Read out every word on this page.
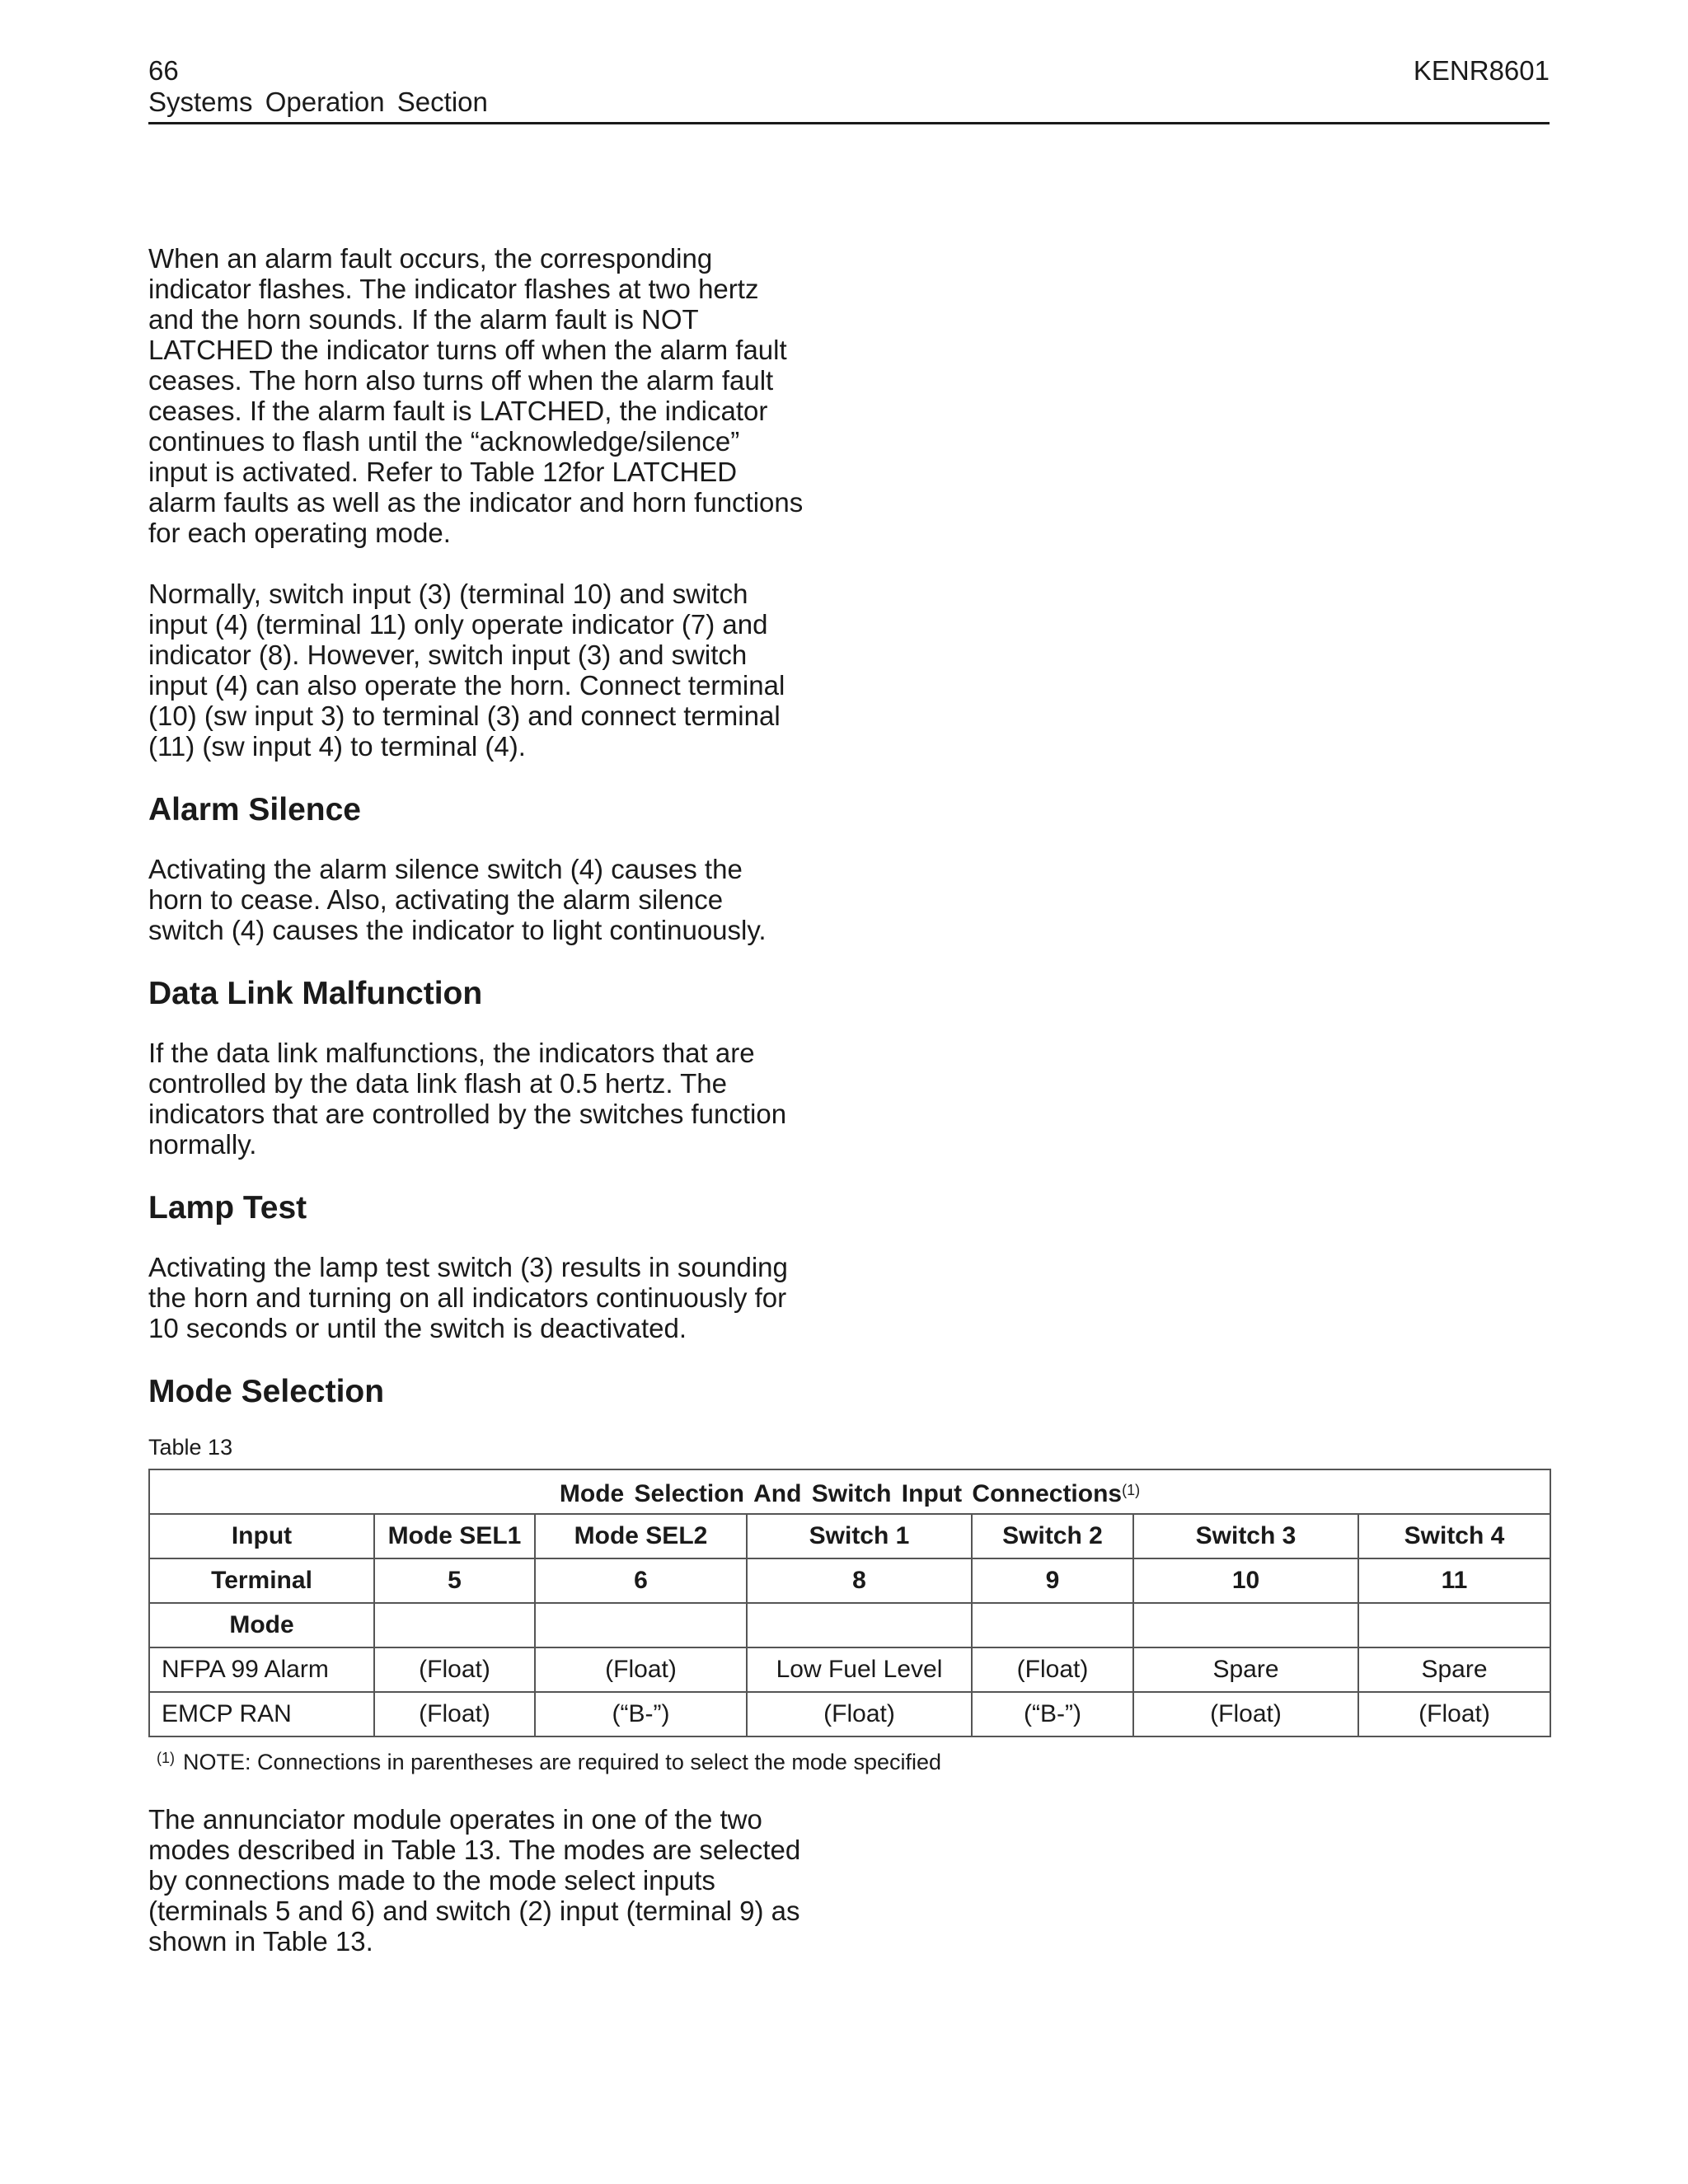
66
Systems Operation Section
KENR8601

When an alarm fault occurs, the corresponding indicator flashes. The indicator flashes at two hertz and the horn sounds. If the alarm fault is NOT LATCHED the indicator turns off when the alarm fault ceases. The horn also turns off when the alarm fault ceases. If the alarm fault is LATCHED, the indicator continues to flash until the “acknowledge/silence” input is activated. Refer to Table 12for LATCHED alarm faults as well as the indicator and horn functions for each operating mode.

Normally, switch input (3) (terminal 10) and switch input (4) (terminal 11) only operate indicator (7) and indicator (8). However, switch input (3) and switch input (4) can also operate the horn. Connect terminal (10) (sw input 3) to terminal (3) and connect terminal (11) (sw input 4) to terminal (4).

Alarm Silence

Activating the alarm silence switch (4) causes the horn to cease. Also, activating the alarm silence switch (4) causes the indicator to light continuously.

Data Link Malfunction

If the data link malfunctions, the indicators that are controlled by the data link flash at 0.5 hertz. The indicators that are controlled by the switches function normally.

Lamp Test

Activating the lamp test switch (3) results in sounding the horn and turning on all indicators continuously for 10 seconds or until the switch is deactivated.

Mode Selection
Table 13
Mode Selection And Switch Input Connections$^{(1)}$
Input	Mode SEL1	Mode SEL2	Switch 1	Switch 2	Switch 3	Switch 4
Terminal	5	6	8	9	10	11
Mode						
NFPA 99 Alarm	(Float)	(Float)	Low Fuel Level	(Float)	Spare	Spare
EMCP RAN	(Float)	(“B-”)	(Float)	(“B-”)	(Float)	(Float)
$^{(1)}$ NOTE: Connections in parentheses are required to select the mode specified

The annunciator module operates in one of the two modes described in Table 13. The modes are selected by connections made to the mode select inputs (terminals 5 and 6) and switch (2) input (terminal 9) as shown in Table 13.
